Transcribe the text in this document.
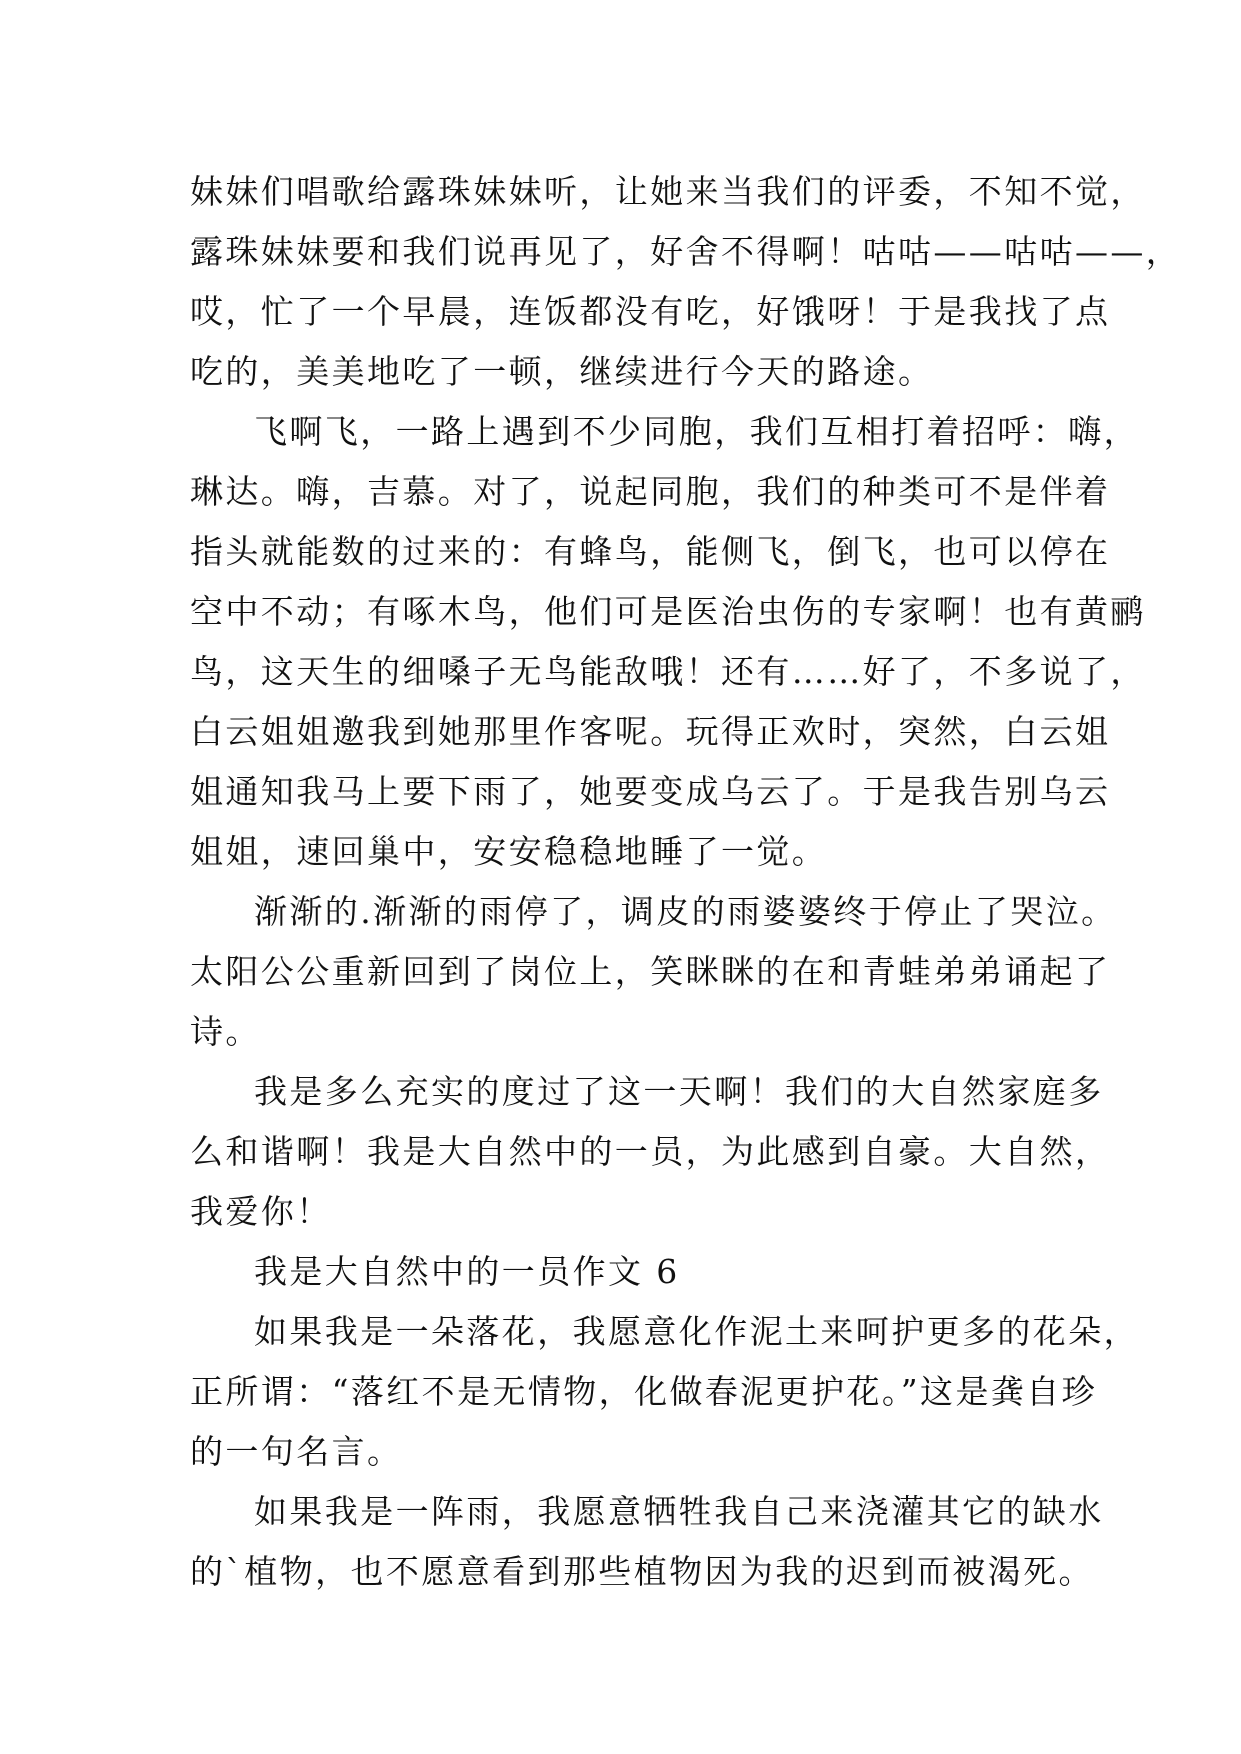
妹妹们唱歌给露珠妹妹听，让她来当我们的评委，不知不觉，
露珠妹妹要和我们说再见了，好舍不得啊！咕咕——咕咕——，
哎，忙了一个早晨，连饭都没有吃，好饿呀！于是我找了点
吃的，美美地吃了一顿，继续进行今天的路途。
飞啊飞，一路上遇到不少同胞，我们互相打着招呼：嗨，
琳达。嗨，吉慕。对了，说起同胞，我们的种类可不是伴着
指头就能数的过来的：有蜂鸟，能侧飞，倒飞，也可以停在
空中不动；有啄木鸟，他们可是医治虫伤的专家啊！也有黄鹂
鸟，这天生的细嗓子无鸟能敌哦！还有……好了，不多说了，
白云姐姐邀我到她那里作客呢。玩得正欢时，突然，白云姐
姐通知我马上要下雨了，她要变成乌云了。于是我告别乌云
姐姐，速回巢中，安安稳稳地睡了一觉。
渐渐的.渐渐的雨停了，调皮的雨婆婆终于停止了哭泣。
太阳公公重新回到了岗位上，笑眯眯的在和青蛙弟弟诵起了
诗。
我是多么充实的度过了这一天啊！我们的大自然家庭多
么和谐啊！我是大自然中的一员，为此感到自豪。大自然，
我爱你！
我是大自然中的一员作文 6
如果我是一朵落花，我愿意化作泥土来呵护更多的花朵，
正所谓：“落红不是无情物，化做春泥更护花。”这是龚自珍
的一句名言。
如果我是一阵雨，我愿意牺牲我自己来浇灌其它的缺水
的`植物，也不愿意看到那些植物因为我的迟到而被渴死。
